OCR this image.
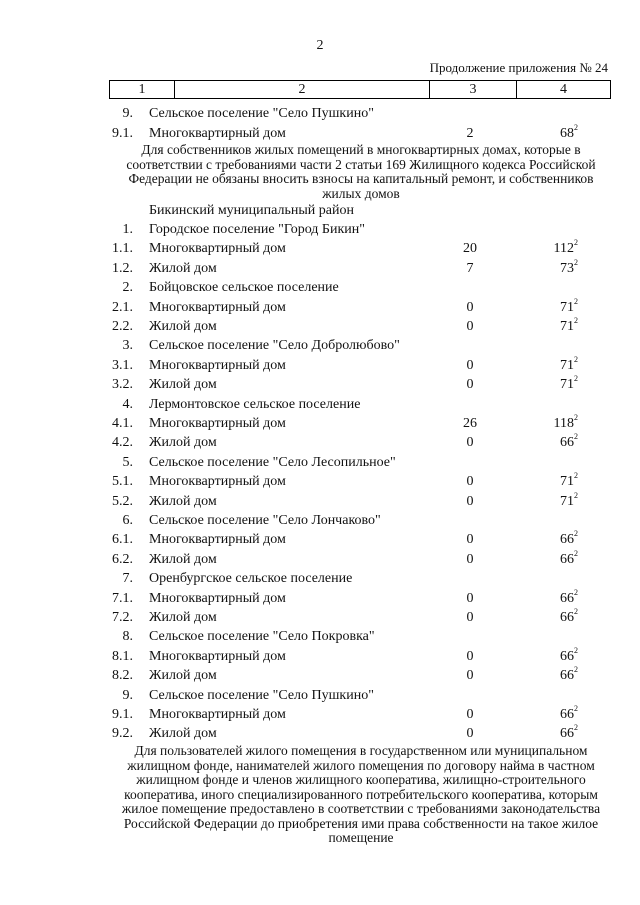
2
Продолжение приложения № 24
1	2	3	4
9. Сельское поселение "Село Пушкино"
9.1. Многоквартирный дом	2	$68^2$
Для собственников жилых помещений в многоквартирных домах, которые в соответствии с требованиями части 2 статьи 169 Жилищного кодекса Российской Федерации не обязаны вносить взносы на капитальный ремонт, и собственников жилых домов
Бикинский муниципальный район
1. Городское поселение "Город Бикин"
1.1. Многоквартирный дом	20	$112^2$
1.2. Жилой дом	7	$73^2$
2. Бойцовское сельское поселение
2.1. Многоквартирный дом	0	$71^2$
2.2. Жилой дом	0	$71^2$
3. Сельское поселение "Село Добролюбово"
3.1. Многоквартирный дом	0	$71^2$
3.2. Жилой дом	0	$71^2$
4. Лермонтовское сельское поселение
4.1. Многоквартирный дом	26	$118^2$
4.2. Жилой дом	0	$66^2$
5. Сельское поселение "Село Лесопильное"
5.1. Многоквартирный дом	0	$71^2$
5.2. Жилой дом	0	$71^2$
6. Сельское поселение "Село Лончаково"
6.1. Многоквартирный дом	0	$66^2$
6.2. Жилой дом	0	$66^2$
7. Оренбургское сельское поселение
7.1. Многоквартирный дом	0	$66^2$
7.2. Жилой дом	0	$66^2$
8. Сельское поселение "Село Покровка"
8.1. Многоквартирный дом	0	$66^2$
8.2. Жилой дом	0	$66^2$
9. Сельское поселение "Село Пушкино"
9.1. Многоквартирный дом	0	$66^2$
9.2. Жилой дом	0	$66^2$
Для пользователей жилого помещения в государственном или муниципальном жилищном фонде, нанимателей жилого помещения по договору найма в частном жилищном фонде и членов жилищного кооператива, жилищно-строительного кооператива, иного специализированного потребительского кооператива, которым жилое помещение предоставлено в соответствии с требованиями законодательства Российской Федерации до приобретения ими права собственности на такое жилое помещение
